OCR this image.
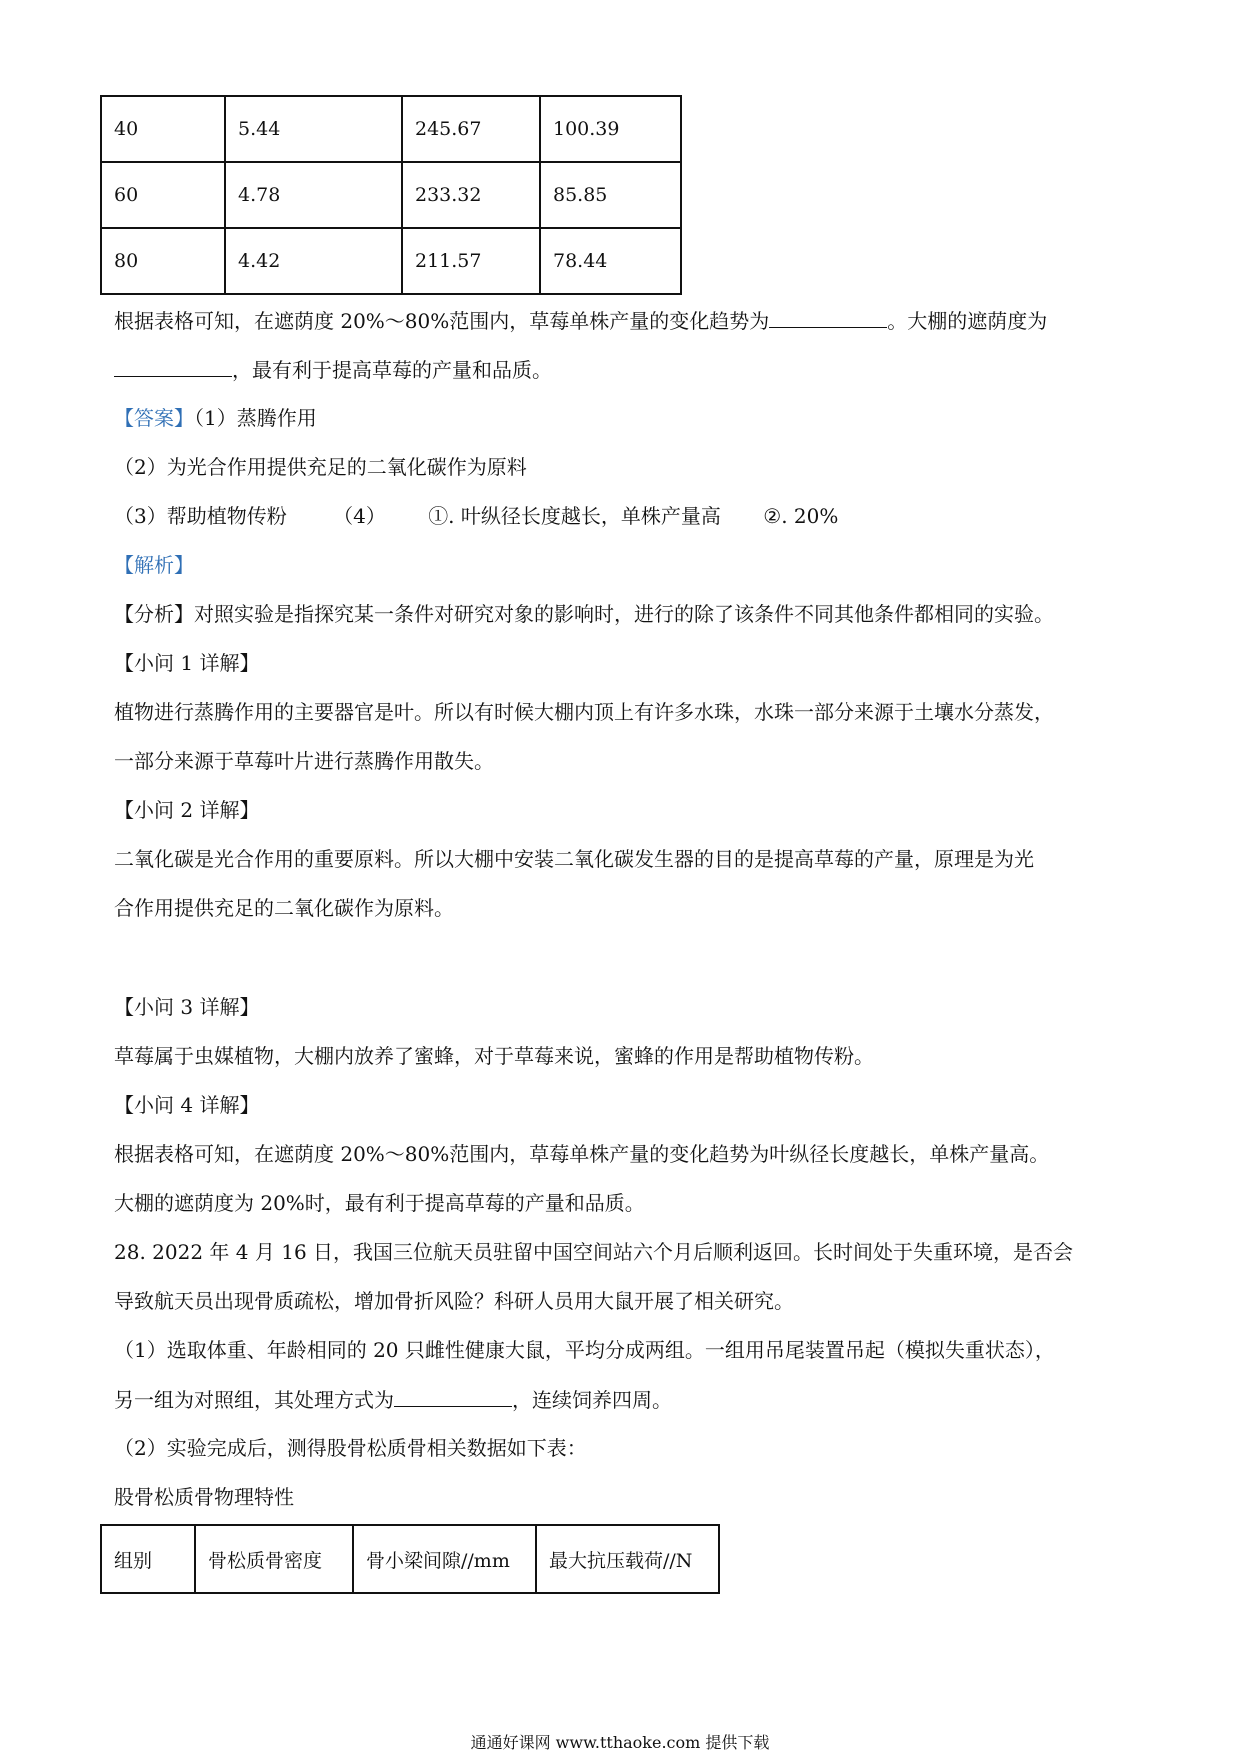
40	5.44	245.67	100.39
60	4.78	233.32	85.85
80	4.42	211.57	78.44
根据表格可知，在遮荫度 20%～80%范围内，草莓单株产量的变化趋势为	。大棚的遮荫度为
，最有利于提高草莓的产量和品质。
【答案】（1）蒸腾作用
（2）为光合作用提供充足的二氧化碳作为原料
（3）帮助植物传粉 （4） ①. 叶纵径长度越长，单株产量高 ②. 20%
【解析】
【分析】对照实验是指探究某一条件对研究对象的影响时，进行的除了该条件不同其他条件都相同的实验。
【小问 1 详解】
植物进行蒸腾作用的主要器官是叶。所以有时候大棚内顶上有许多水珠，水珠一部分来源于土壤水分蒸发，
一部分来源于草莓叶片进行蒸腾作用散失。
【小问 2 详解】
二氧化碳是光合作用的重要原料。所以大棚中安装二氧化碳发生器的目的是提高草莓的产量，原理是为光
合作用提供充足的二氧化碳作为原料。
【小问 3 详解】
草莓属于虫媒植物，大棚内放养了蜜蜂，对于草莓来说，蜜蜂的作用是帮助植物传粉。
【小问 4 详解】
根据表格可知，在遮荫度 20%～80%范围内，草莓单株产量的变化趋势为叶纵径长度越长，单株产量高。
大棚的遮荫度为 20%时，最有利于提高草莓的产量和品质。
28. 2022 年 4 月 16 日，我国三位航天员驻留中国空间站六个月后顺利返回。长时间处于失重环境，是否会
导致航天员出现骨质疏松，增加骨折风险？科研人员用大鼠开展了相关研究。
（1）选取体重、年龄相同的 20 只雌性健康大鼠，平均分成两组。一组用吊尾装置吊起（模拟失重状态），
另一组为对照组，其处理方式为	，连续饲养四周。
（2）实验完成后，测得股骨松质骨相关数据如下表：
股骨松质骨物理特性
组别	骨松质骨密度	骨小梁间隙//mm	最大抗压载荷//N
通通好课网 www.tthaoke.com 提供下载
